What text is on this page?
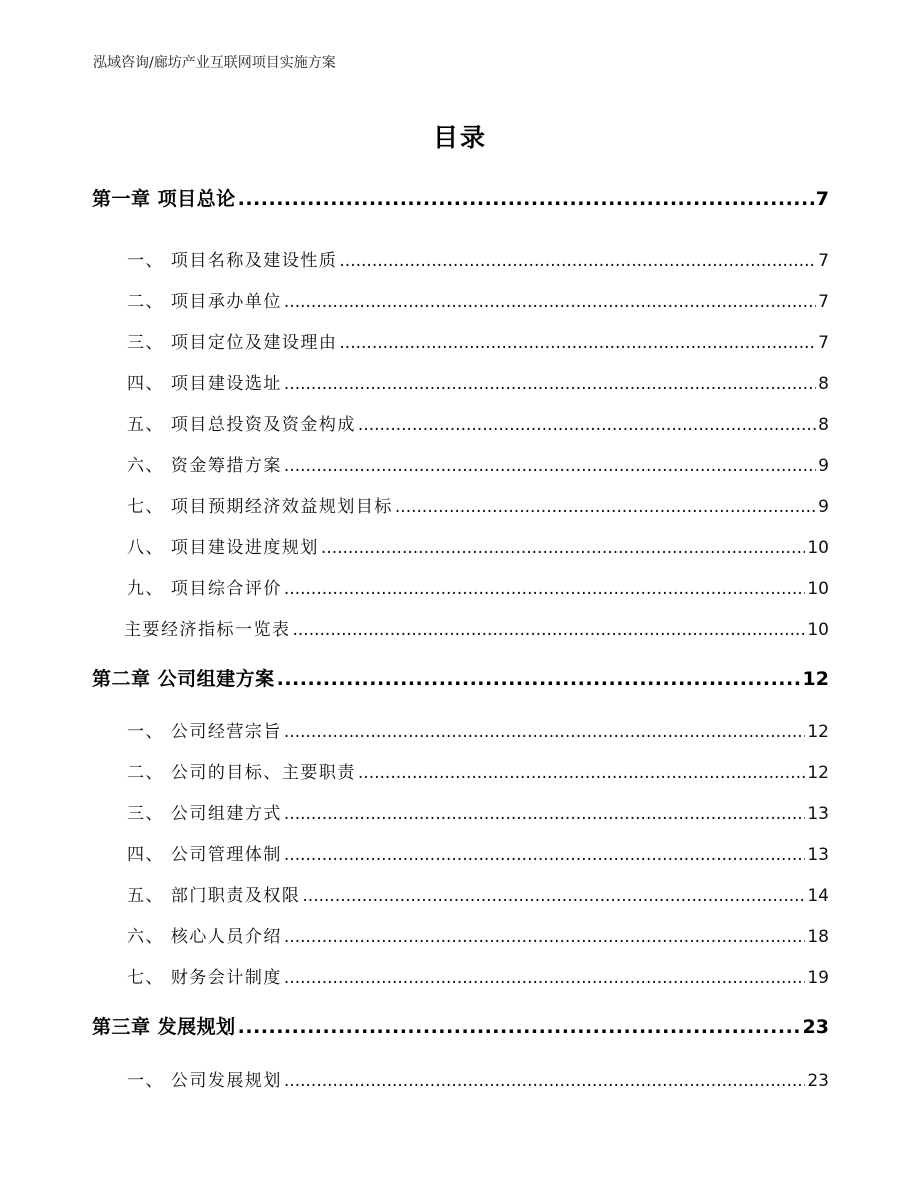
泓域咨询/廊坊产业互联网项目实施方案
目录
第一章 项目总论 .....	7
一、 项目名称及建设性质 .....	7
二、 项目承办单位 .....	7
三、 项目定位及建设理由 .....	7
四、 项目建设选址 .....	8
五、 项目总投资及资金构成 .....	8
六、 资金筹措方案 .....	9
七、 项目预期经济效益规划目标 .....	9
八、 项目建设进度规划 .....	10
九、 项目综合评价 .....	10
主要经济指标一览表 .....	10
第二章 公司组建方案 .....	12
一、 公司经营宗旨 .....	12
二、 公司的目标、主要职责 .....	12
三、 公司组建方式 .....	13
四、 公司管理体制 .....	13
五、 部门职责及权限 .....	14
六、 核心人员介绍 .....	18
七、 财务会计制度 .....	19
第三章 发展规划 .....	23
一、 公司发展规划 .....	23
